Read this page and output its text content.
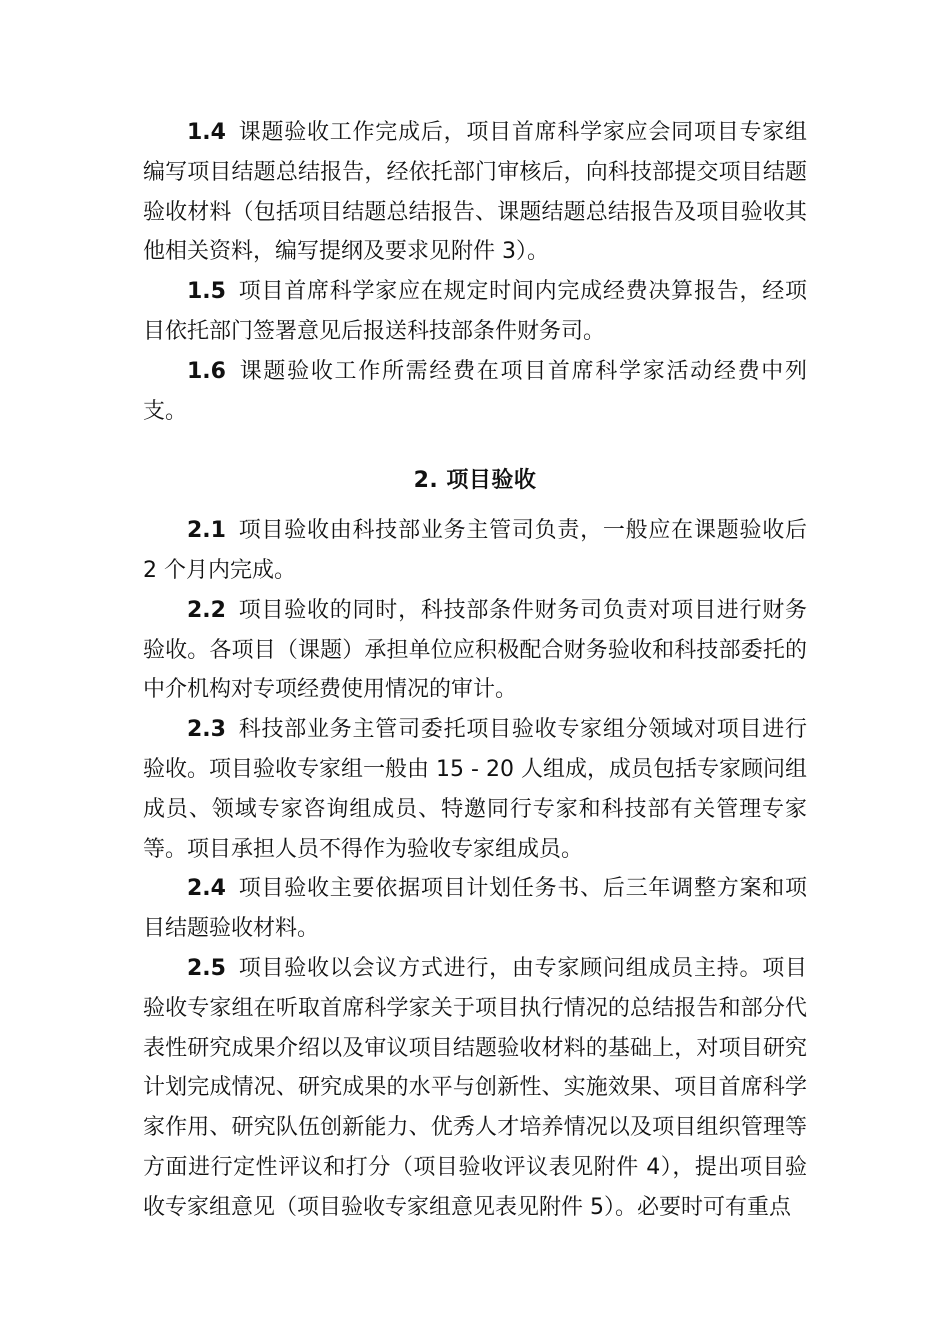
1.4 课题验收工作完成后，项目首席科学家应会同项目专家组编写项目结题总结报告，经依托部门审核后，向科技部提交项目结题验收材料（包括项目结题总结报告、课题结题总结报告及项目验收其他相关资料，编写提纲及要求见附件 3）。

1.5 项目首席科学家应在规定时间内完成经费决算报告，经项目依托部门签署意见后报送科技部条件财务司。

1.6 课题验收工作所需经费在项目首席科学家活动经费中列支。

2. 项目验收

2.1 项目验收由科技部业务主管司负责，一般应在课题验收后 2 个月内完成。

2.2 项目验收的同时，科技部条件财务司负责对项目进行财务验收。各项目（课题）承担单位应积极配合财务验收和科技部委托的中介机构对专项经费使用情况的审计。

2.3 科技部业务主管司委托项目验收专家组分领域对项目进行验收。项目验收专家组一般由 15 - 20 人组成，成员包括专家顾问组成员、领域专家咨询组成员、特邀同行专家和科技部有关管理专家等。项目承担人员不得作为验收专家组成员。

2.4 项目验收主要依据项目计划任务书、后三年调整方案和项目结题验收材料。

2.5 项目验收以会议方式进行，由专家顾问组成员主持。项目验收专家组在听取首席科学家关于项目执行情况的总结报告和部分代表性研究成果介绍以及审议项目结题验收材料的基础上，对项目研究计划完成情况、研究成果的水平与创新性、实施效果、项目首席科学家作用、研究队伍创新能力、优秀人才培养情况以及项目组织管理等方面进行定性评议和打分（项目验收评议表见附件 4），提出项目验收专家组意见（项目验收专家组意见表见附件 5）。必要时可有重点
